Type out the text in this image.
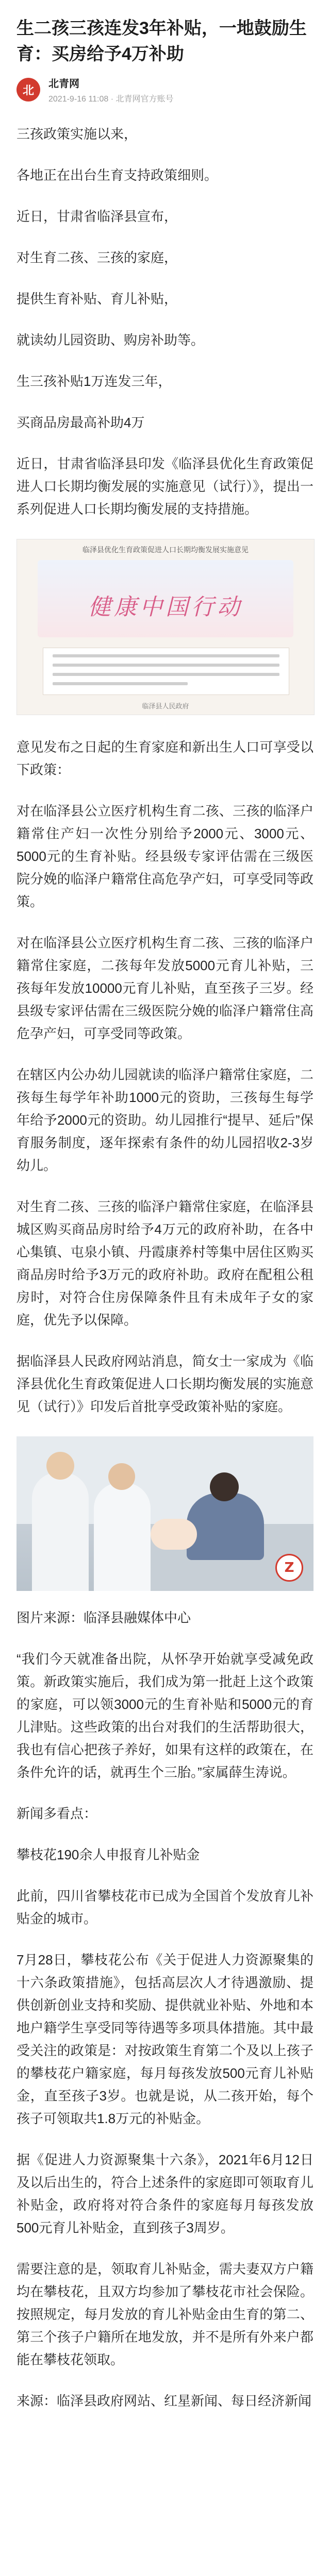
生二孩三孩连发3年补贴，一地鼓励生育：买房给予4万补助
北
北青网
2021-9-16 11:08 · 北青网官方账号

三孩政策实施以来，

各地正在出台生育支持政策细则。

近日，甘肃省临泽县宣布，

对生育二孩、三孩的家庭，

提供生育补贴、育儿补贴，

就读幼儿园资助、购房补助等。

生三孩补贴1万连发三年，

买商品房最高补助4万

近日，甘肃省临泽县印发《临泽县优化生育政策促进人口长期均衡发展的实施意见（试行）》，提出一系列促进人口长期均衡发展的支持措施。

临泽县优化生育政策促进人口长期均衡发展实施意见
健康中国行动
临泽县人民政府

意见发布之日起的生育家庭和新出生人口可享受以下政策：

对在临泽县公立医疗机构生育二孩、三孩的临泽户籍常住产妇一次性分别给予2000元、3000元、5000元的生育补贴。经县级专家评估需在三级医院分娩的临泽户籍常住高危孕产妇，可享受同等政策。

对在临泽县公立医疗机构生育二孩、三孩的临泽户籍常住家庭，二孩每年发放5000元育儿补贴，三孩每年发放10000元育儿补贴，直至孩子三岁。经县级专家评估需在三级医院分娩的临泽户籍常住高危孕产妇，可享受同等政策。

在辖区内公办幼儿园就读的临泽户籍常住家庭，二孩每生每学年补助1000元的资助，三孩每生每学年给予2000元的资助。幼儿园推行“提早、延后”保育服务制度，逐年探索有条件的幼儿园招收2-3岁幼儿。

对生育二孩、三孩的临泽户籍常住家庭，在临泽县城区购买商品房时给予4万元的政府补助，在各中心集镇、屯泉小镇、丹霞康养村等集中居住区购买商品房时给予3万元的政府补助。政府在配租公租房时，对符合住房保障条件且有未成年子女的家庭，优先予以保障。

据临泽县人民政府网站消息，简女士一家成为《临泽县优化生育政策促进人口长期均衡发展的实施意见（试行）》印发后首批享受政策补贴的家庭。

Z

图片来源：临泽县融媒体中心

“我们今天就准备出院，从怀孕开始就享受减免政策。新政策实施后，我们成为第一批赶上这个政策的家庭，可以领3000元的生育补贴和5000元的育儿津贴。这些政策的出台对我们的生活帮助很大，我也有信心把孩子养好，如果有这样的政策在，在条件允许的话，就再生个三胎。”家属薛生涛说。

新闻多看点：

攀枝花190余人申报育儿补贴金

此前，四川省攀枝花市已成为全国首个发放育儿补贴金的城市。

7月28日，攀枝花公布《关于促进人力资源聚集的十六条政策措施》，包括高层次人才待遇激励、提供创新创业支持和奖励、提供就业补贴、外地和本地户籍学生享受同等待遇等多项具体措施。其中最受关注的政策是：对按政策生育第二个及以上孩子的攀枝花户籍家庭，每月每孩发放500元育儿补贴金，直至孩子3岁。也就是说，从二孩开始，每个孩子可领取共1.8万元的补贴金。

据《促进人力资源聚集十六条》，2021年6月12日及以后出生的，符合上述条件的家庭即可领取育儿补贴金，政府将对符合条件的家庭每月每孩发放500元育儿补贴金，直到孩子3周岁。

需要注意的是，领取育儿补贴金，需夫妻双方户籍均在攀枝花，且双方均参加了攀枝花市社会保险。按照规定，每月发放的育儿补贴金由生育的第二、第三个孩子户籍所在地发放，并不是所有外来户都能在攀枝花领取。

来源：临泽县政府网站、红星新闻、每日经济新闻
